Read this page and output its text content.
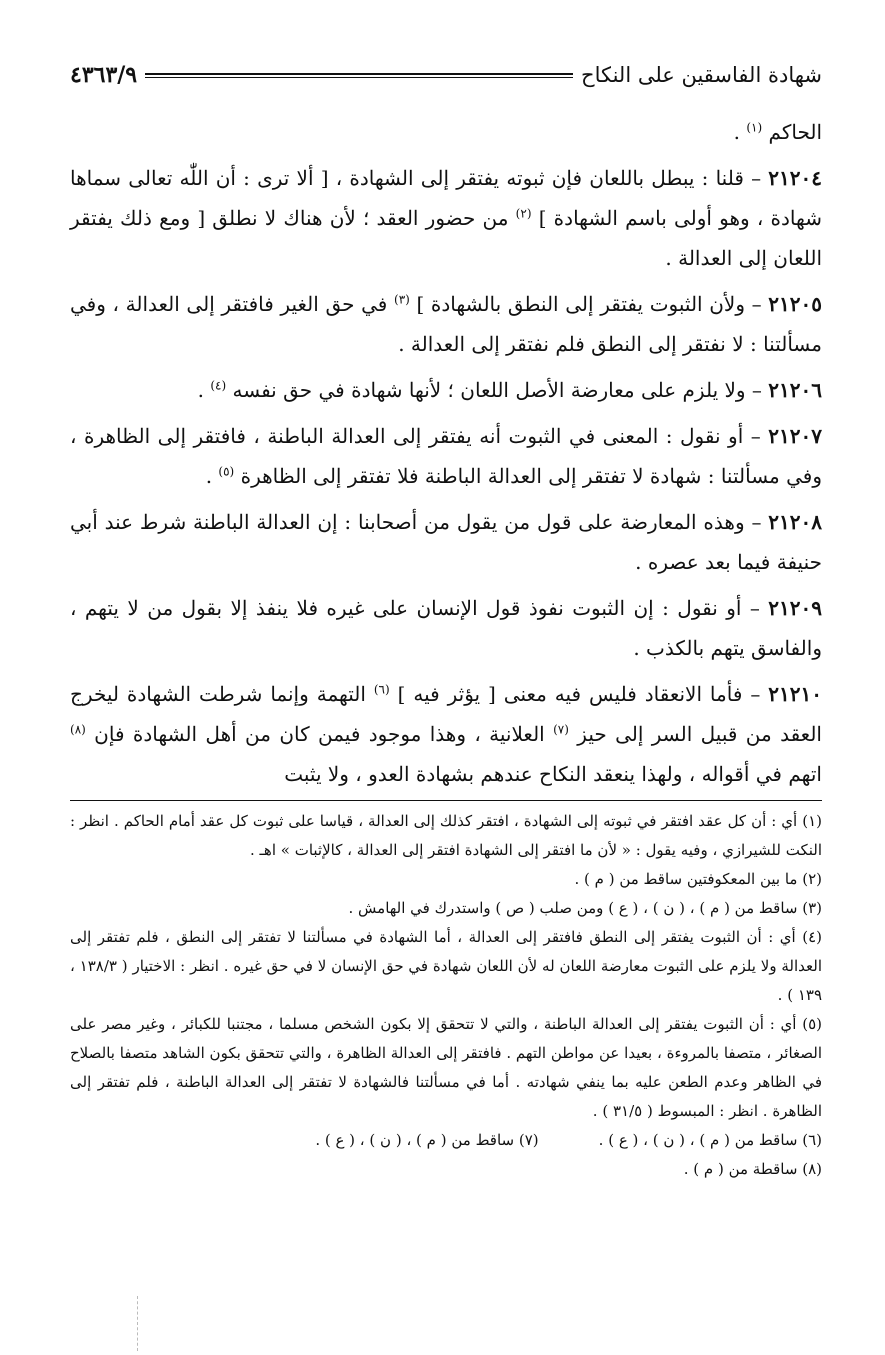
شهادة الفاسقين على النكاح
٤٣٦٣/٩

الحاكم $^{(١)}$ .

٢١٢٠٤ – قلنا : يبطل باللعان فإن ثبوته يفتقر إلى الشهادة ، [ ألا ترى : أن اللّٰه تعالى سماها شهادة ، وهو أولى باسم الشهادة ] $^{(٢)}$ من حضور العقد ؛ لأن هناك لا نطلق [ ومع ذلك يفتقر اللعان إلى العدالة .

٢١٢٠٥ – ولأن الثبوت يفتقر إلى النطق بالشهادة ] $^{(٣)}$ في حق الغير فافتقر إلى العدالة ، وفي مسألتنا : لا نفتقر إلى النطق فلم نفتقر إلى العدالة .

٢١٢٠٦ – ولا يلزم على معارضة الأصل اللعان ؛ لأنها شهادة في حق نفسه $^{(٤)}$ .

٢١٢٠٧ – أو نقول : المعنى في الثبوت أنه يفتقر إلى العدالة الباطنة ، فافتقر إلى الظاهرة ، وفي مسألتنا : شهادة لا تفتقر إلى العدالة الباطنة فلا تفتقر إلى الظاهرة $^{(٥)}$ .

٢١٢٠٨ – وهذه المعارضة على قول من يقول من أصحابنا : إن العدالة الباطنة شرط عند أبي حنيفة فيما بعد عصره .

٢١٢٠٩ – أو نقول : إن الثبوت نفوذ قول الإنسان على غيره فلا ينفذ إلا بقول من لا يتهم ، والفاسق يتهم بالكذب .

٢١٢١٠ – فأما الانعقاد فليس فيه معنى [ يؤثر فيه ] $^{(٦)}$ التهمة وإنما شرطت الشهادة ليخرج العقد من قبيل السر إلى حيز $^{(٧)}$ العلانية ، وهذا موجود فيمن كان من أهل الشهادة فإن $^{(٨)}$ اتهم في أقواله ، ولهذا ينعقد النكاح عندهم بشهادة العدو ، ولا يثبت

(١) أي : أن كل عقد افتقر في ثبوته إلى الشهادة ، افتقر كذلك إلى العدالة ، قياسا على ثبوت كل عقد أمام الحاكم . انظر : النكت للشيرازي ، وفيه يقول : « لأن ما افتقر إلى الشهادة افتقر إلى العدالة ، كالإثبات » اهـ .

(٢) ما بين المعكوفتين ساقط من ( م ) .

(٣) ساقط من ( م ) ، ( ن ) ، ( ع ) ومن صلب ( ص ) واستدرك في الهامش .

(٤) أي : أن الثبوت يفتقر إلى النطق فافتقر إلى العدالة ، أما الشهادة في مسألتنا لا تفتقر إلى النطق ، فلم تفتقر إلى العدالة ولا يلزم على الثبوت معارضة اللعان له لأن اللعان شهادة في حق الإنسان لا في حق غيره . انظر : الاختيار ( ١٣٨/٣ ، ١٣٩ ) .

(٥) أي : أن الثبوت يفتقر إلى العدالة الباطنة ، والتي لا تتحقق إلا بكون الشخص مسلما ، مجتنبا للكبائر ، وغير مصر على الصغائر ، متصفا بالمروءة ، بعيدا عن مواطن التهم . فافتقر إلى العدالة الظاهرة ، والتي تتحقق بكون الشاهد متصفا بالصلاح في الظاهر وعدم الطعن عليه بما ينفي شهادته . أما في مسألتنا فالشهادة لا تفتقر إلى العدالة الباطنة ، فلم تفتقر إلى الظاهرة . انظر : المبسوط ( ٣١/٥ ) .

(٦) ساقط من ( م ) ، ( ن ) ، ( ع ) .
(٧) ساقط من ( م ) ، ( ن ) ، ( ع ) .

(٨) ساقطة من ( م ) .
